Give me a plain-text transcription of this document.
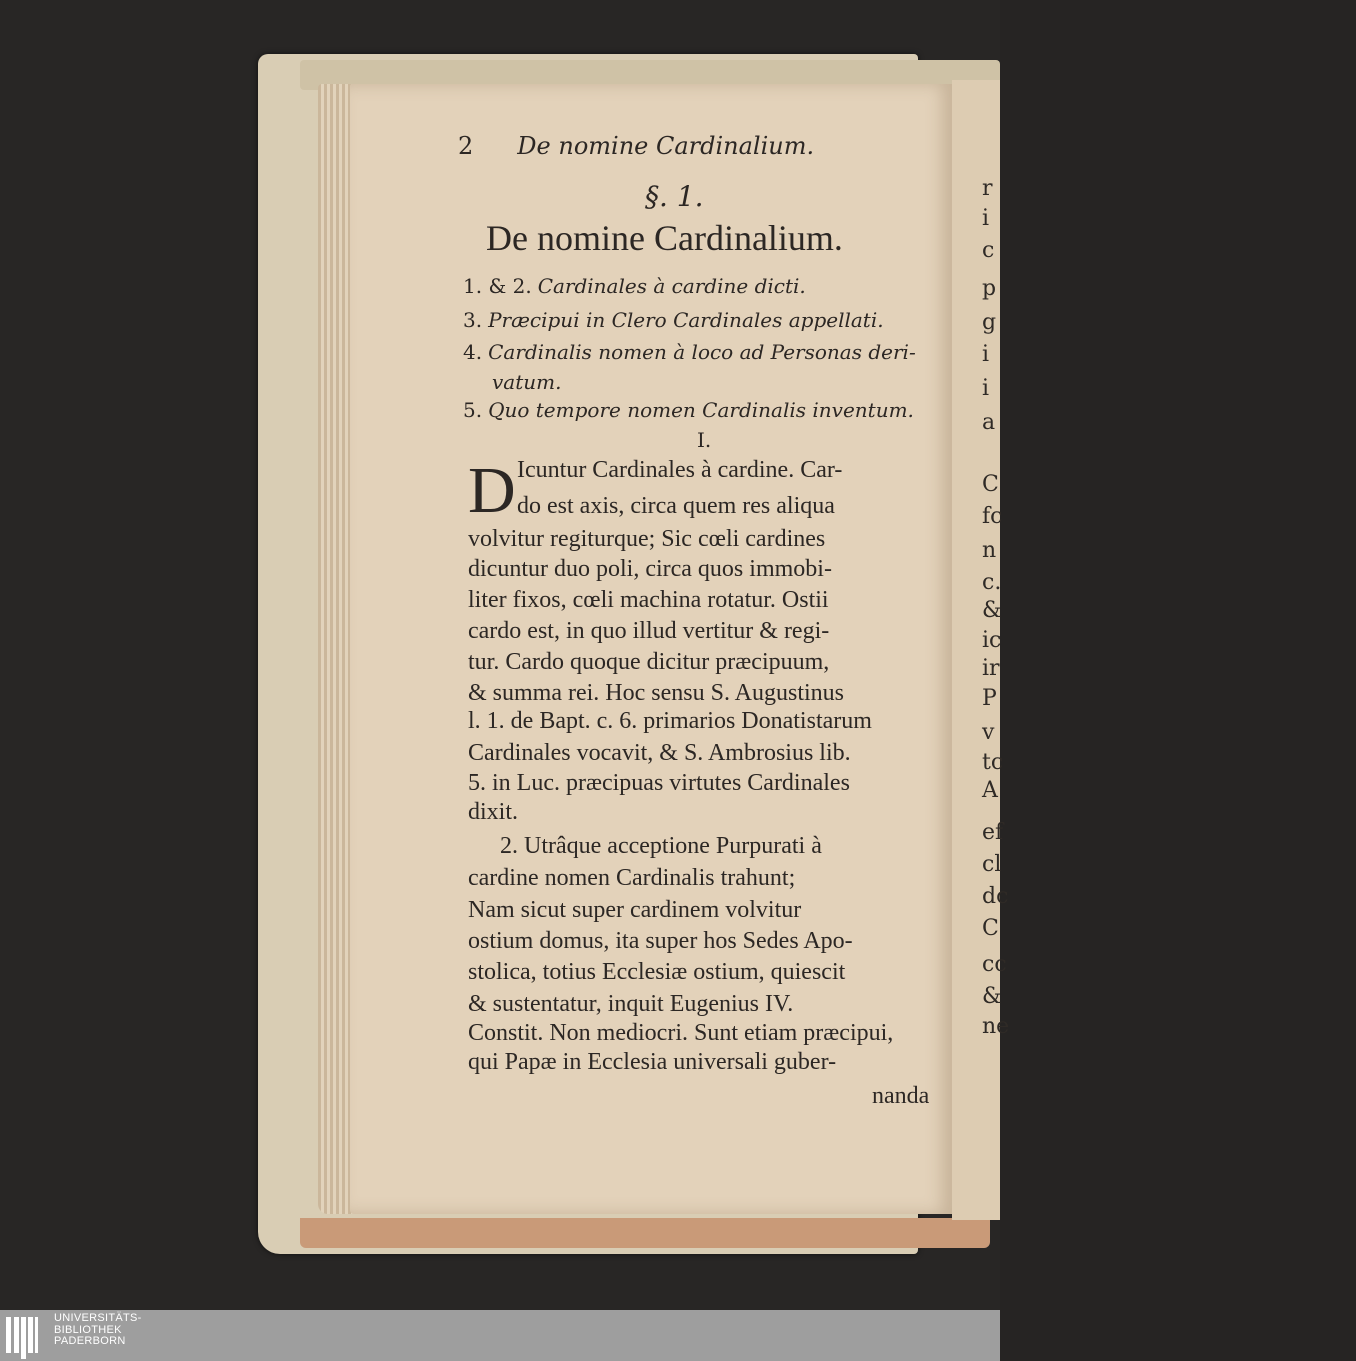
r
i
c
p
g
i
i
a
C
fc
n
c.
&
ic
ir
P
v
tc
A
ef
cl
dc
C
cc
&
ne
2 De nomine Cardinalium.
§. 1.
De nomine Cardinalium.
1. & 2. Cardinales à cardine dicti.
3. Præcipui in Clero Cardinales appellati.
4. Cardinalis nomen à loco ad Personas deri-
vatum.
5. Quo tempore nomen Cardinalis inventum.
I.
D Icuntur Cardinales à cardine. Car-
do est axis, circa quem res aliqua
volvitur regiturque; Sic cœli cardines
dicuntur duo poli, circa quos immobi-
liter fixos, cœli machina rotatur. Ostii
cardo est, in quo illud vertitur & regi-
tur. Cardo quoque dicitur præcipuum,
& summa rei. Hoc sensu S. Augustinus
l. 1. de Bapt. c. 6. primarios Donatistarum
Cardinales vocavit, & S. Ambrosius lib.
5. in Luc. præcipuas virtutes Cardinales
dixit.
2. Utrâque acceptione Purpurati à
cardine nomen Cardinalis trahunt;
Nam sicut super cardinem volvitur
ostium domus, ita super hos Sedes Apo-
stolica, totius Ecclesiæ ostium, quiescit
& sustentatur, inquit Eugenius IV.
Constit. Non mediocri. Sunt etiam præcipui,
qui Papæ in Ecclesia universali guber-
nanda
UNIVERSITÄTS-
BIBLIOTHEK
PADERBORN
